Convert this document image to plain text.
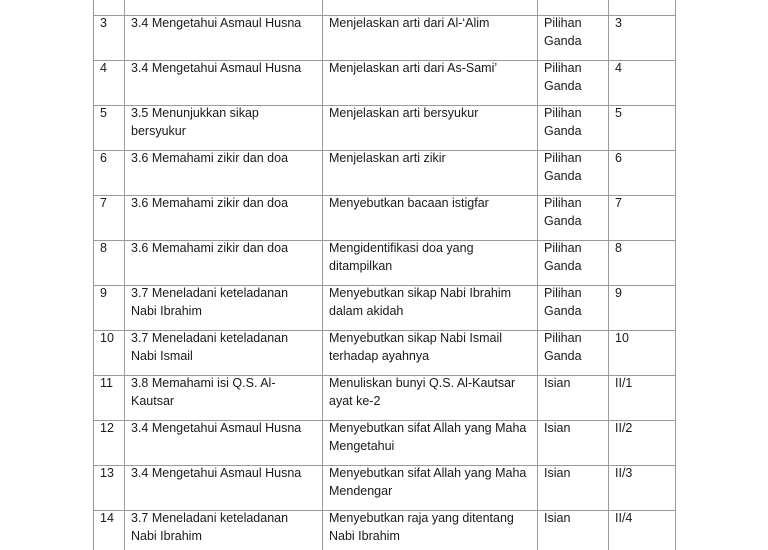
3	3.4 Mengetahui Asmaul Husna	Menjelaskan arti dari Al-‘Alim	Pilihan Ganda	3

4	3.4 Mengetahui Asmaul Husna	Menjelaskan arti dari As-Sami’	Pilihan Ganda	4

5	3.5 Menunjukkan sikap bersyukur	Menjelaskan arti bersyukur	Pilihan Ganda	5

6	3.6 Memahami zikir dan doa	Menjelaskan arti zikir	Pilihan Ganda	6

7	3.6 Memahami zikir dan doa	Menyebutkan bacaan istigfar	Pilihan Ganda	7

8	3.6 Memahami zikir dan doa	Mengidentifikasi doa yang ditampilkan	Pilihan Ganda	8

9	3.7 Meneladani keteladanan Nabi Ibrahim	Menyebutkan sikap Nabi Ibrahim dalam akidah	Pilihan Ganda	9

10	3.7 Meneladani keteladanan Nabi Ismail	Menyebutkan sikap Nabi Ismail terhadap ayahnya	Pilihan Ganda	10

11	3.8 Memahami isi Q.S. Al-Kautsar	Menuliskan bunyi Q.S. Al-Kautsar ayat ke-2	Isian	II/1

12	3.4 Mengetahui Asmaul Husna	Menyebutkan sifat Allah yang Maha Mengetahui	Isian	II/2

13	3.4 Mengetahui Asmaul Husna	Menyebutkan sifat Allah yang Maha Mendengar	Isian	II/3

14	3.7 Meneladani keteladanan Nabi Ibrahim	Menyebutkan raja yang ditentang Nabi Ibrahim	Isian	II/4
